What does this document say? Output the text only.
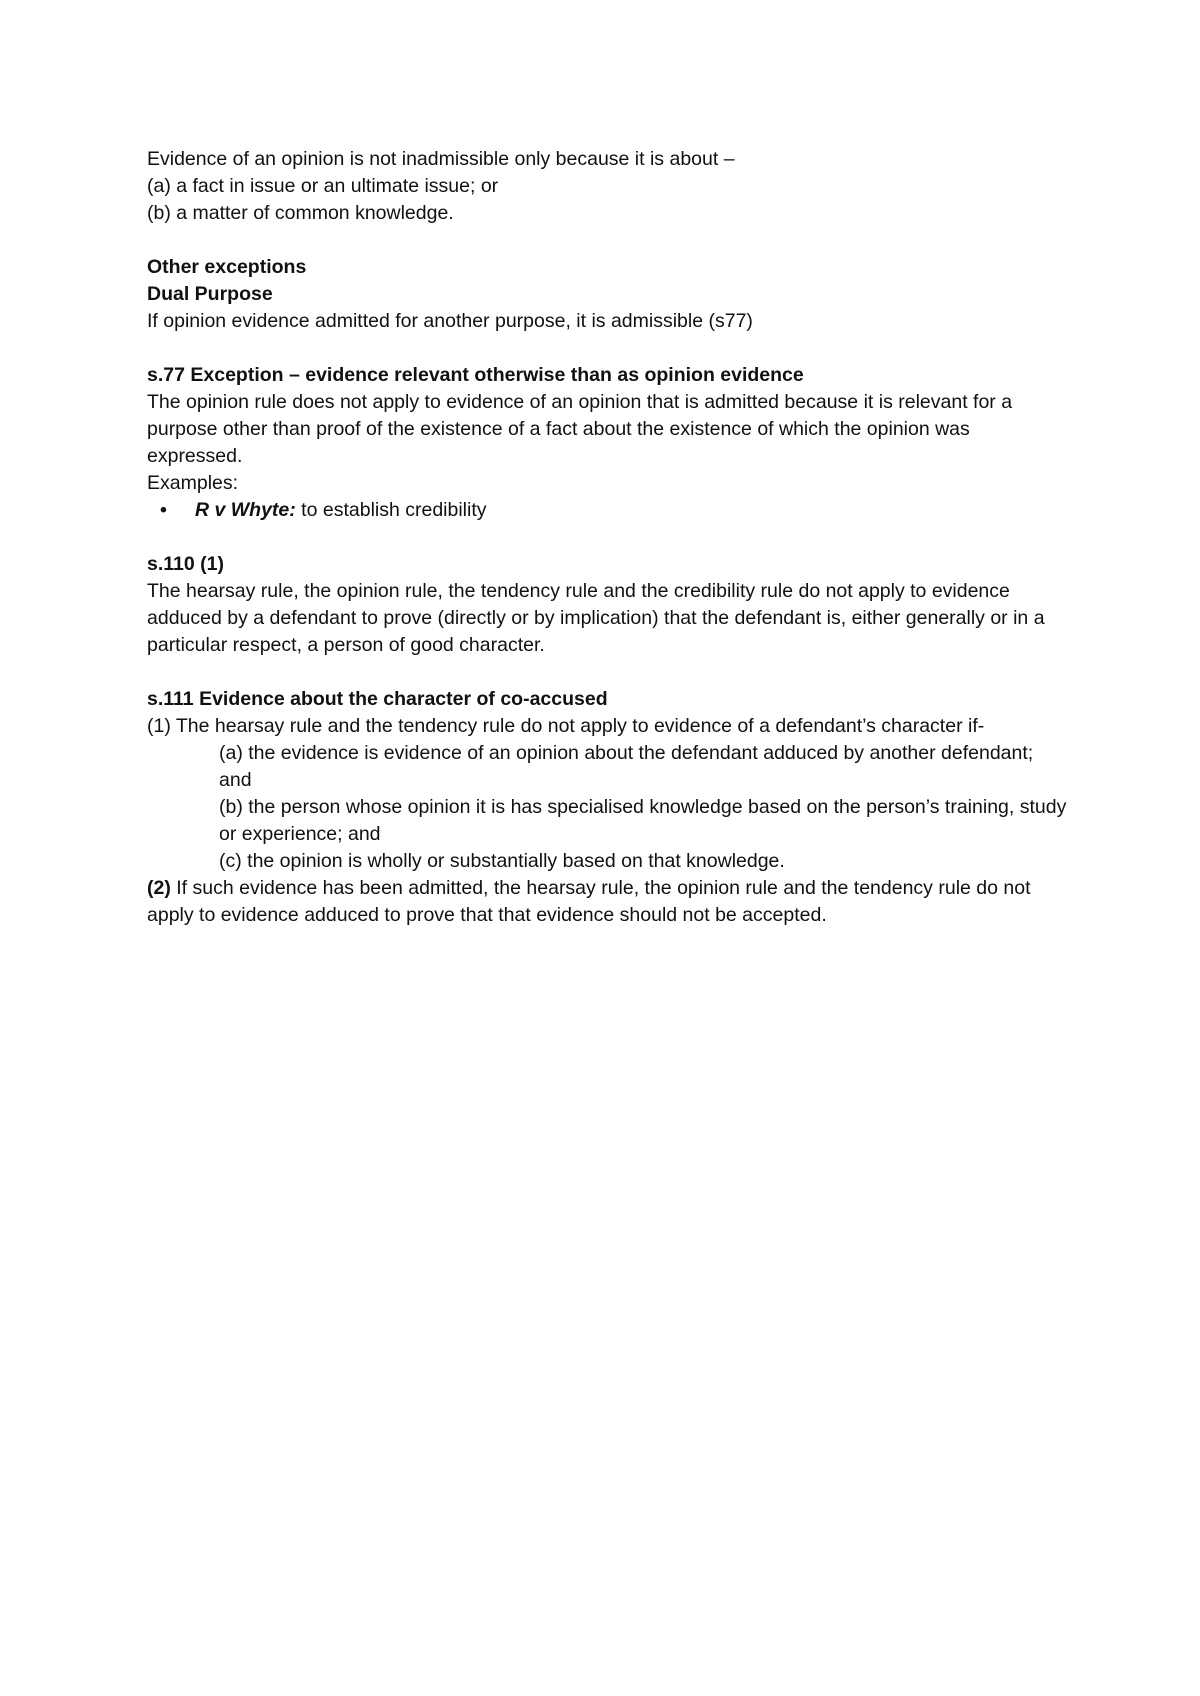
Evidence of an opinion is not inadmissible only because it is about –
(a) a fact in issue or an ultimate issue; or
(b) a matter of common knowledge.
Other exceptions
Dual Purpose
If opinion evidence admitted for another purpose, it is admissible (s77)
s.77 Exception – evidence relevant otherwise than as opinion evidence
The opinion rule does not apply to evidence of an opinion that is admitted because it is relevant for a purpose other than proof of the existence of a fact about the existence of which the opinion was expressed.
Examples:
• R v Whyte: to establish credibility
s.110 (1)
The hearsay rule, the opinion rule, the tendency rule and the credibility rule do not apply to evidence adduced by a defendant to prove (directly or by implication) that the defendant is, either generally or in a particular respect, a person of good character.
s.111 Evidence about the character of co-accused
(1) The hearsay rule and the tendency rule do not apply to evidence of a defendant’s character if-
(a) the evidence is evidence of an opinion about the defendant adduced by another defendant; and
(b) the person whose opinion it is has specialised knowledge based on the person’s training, study or experience; and
(c) the opinion is wholly or substantially based on that knowledge.
(2) If such evidence has been admitted, the hearsay rule, the opinion rule and the tendency rule do not apply to evidence adduced to prove that that evidence should not be accepted.
